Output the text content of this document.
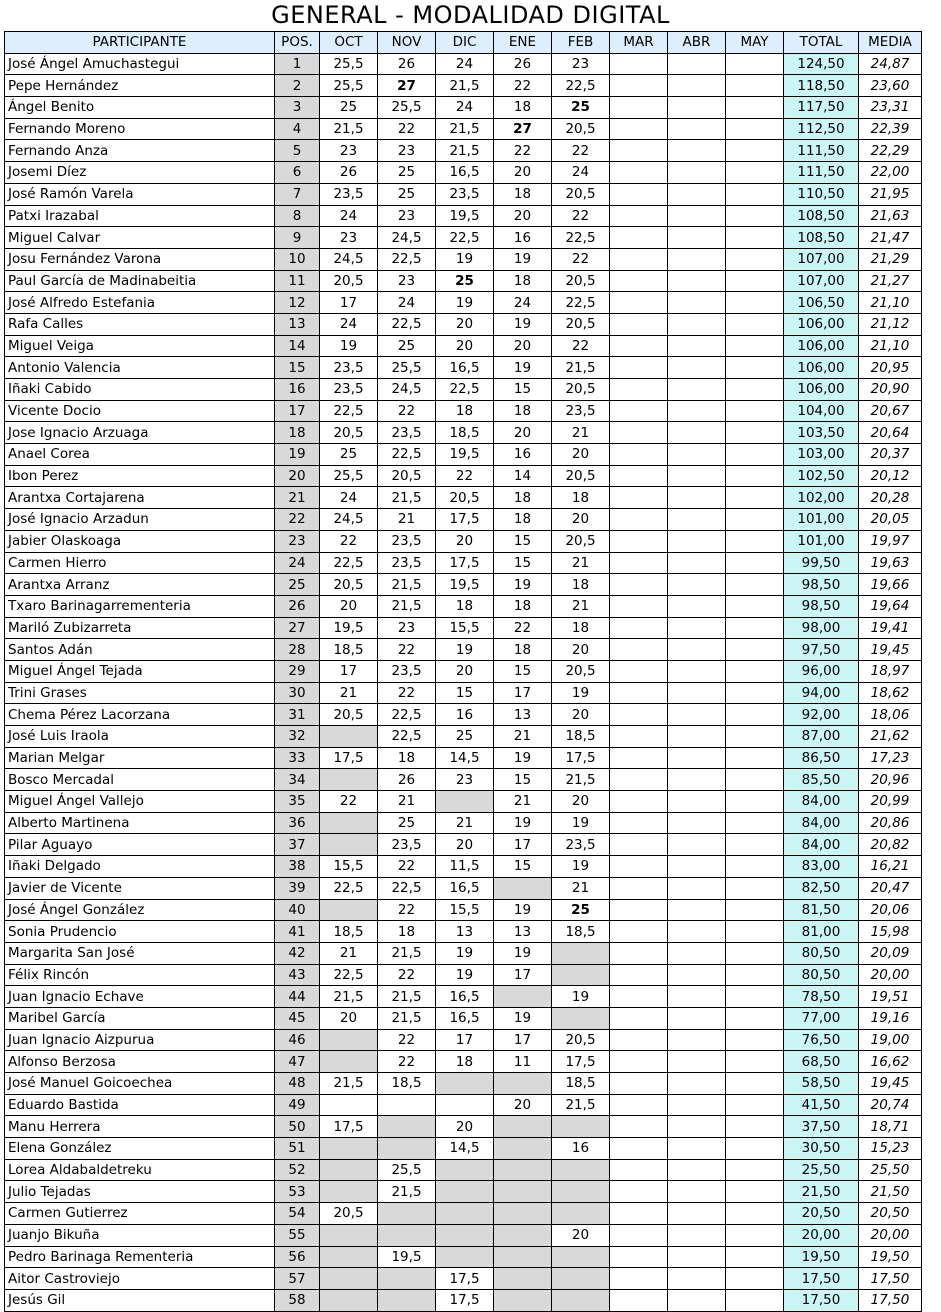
GENERAL - MODALIDAD DIGITAL
PARTICIPANTE	POS.	OCT	NOV	DIC	ENE	FEB	MAR	ABR	MAY	TOTAL	MEDIA
José Ángel Amuchastegui	1	25,5	26	24	26	23				124,50	24,87
Pepe Hernández	2	25,5	27	21,5	22	22,5				118,50	23,60
Ángel Benito	3	25	25,5	24	18	25				117,50	23,31
Fernando Moreno	4	21,5	22	21,5	27	20,5				112,50	22,39
Fernando Anza	5	23	23	21,5	22	22				111,50	22,29
Josemi Díez	6	26	25	16,5	20	24				111,50	22,00
José Ramón Varela	7	23,5	25	23,5	18	20,5				110,50	21,95
Patxi Irazabal	8	24	23	19,5	20	22				108,50	21,63
Miguel Calvar	9	23	24,5	22,5	16	22,5				108,50	21,47
Josu Fernández Varona	10	24,5	22,5	19	19	22				107,00	21,29
Paul García de Madinabeitia	11	20,5	23	25	18	20,5				107,00	21,27
José Alfredo Estefania	12	17	24	19	24	22,5				106,50	21,10
Rafa Calles	13	24	22,5	20	19	20,5				106,00	21,12
Miguel Veiga	14	19	25	20	20	22				106,00	21,10
Antonio Valencia	15	23,5	25,5	16,5	19	21,5				106,00	20,95
Iñaki Cabido	16	23,5	24,5	22,5	15	20,5				106,00	20,90
Vicente Docio	17	22,5	22	18	18	23,5				104,00	20,67
Jose Ignacio Arzuaga	18	20,5	23,5	18,5	20	21				103,50	20,64
Anael Corea	19	25	22,5	19,5	16	20				103,00	20,37
Ibon Perez	20	25,5	20,5	22	14	20,5				102,50	20,12
Arantxa Cortajarena	21	24	21,5	20,5	18	18				102,00	20,28
José Ignacio Arzadun	22	24,5	21	17,5	18	20				101,00	20,05
Jabier Olaskoaga	23	22	23,5	20	15	20,5				101,00	19,97
Carmen Hierro	24	22,5	23,5	17,5	15	21				99,50	19,63
Arantxa Arranz	25	20,5	21,5	19,5	19	18				98,50	19,66
Txaro Barinagarrementeria	26	20	21,5	18	18	21				98,50	19,64
Mariló Zubizarreta	27	19,5	23	15,5	22	18				98,00	19,41
Santos Adán	28	18,5	22	19	18	20				97,50	19,45
Miguel Ángel Tejada	29	17	23,5	20	15	20,5				96,00	18,97
Trini Grases	30	21	22	15	17	19				94,00	18,62
Chema Pérez Lacorzana	31	20,5	22,5	16	13	20				92,00	18,06
José Luis Iraola	32		22,5	25	21	18,5				87,00	21,62
Marian Melgar	33	17,5	18	14,5	19	17,5				86,50	17,23
Bosco Mercadal	34		26	23	15	21,5				85,50	20,96
Miguel Ángel Vallejo	35	22	21		21	20				84,00	20,99
Alberto Martinena	36		25	21	19	19				84,00	20,86
Pilar Aguayo	37		23,5	20	17	23,5				84,00	20,82
Iñaki Delgado	38	15,5	22	11,5	15	19				83,00	16,21
Javier de Vicente	39	22,5	22,5	16,5		21				82,50	20,47
José Ángel González	40		22	15,5	19	25				81,50	20,06
Sonia Prudencio	41	18,5	18	13	13	18,5				81,00	15,98
Margarita San José	42	21	21,5	19	19					80,50	20,09
Félix Rincón	43	22,5	22	19	17					80,50	20,00
Juan Ignacio Echave	44	21,5	21,5	16,5		19				78,50	19,51
Maribel García	45	20	21,5	16,5	19					77,00	19,16
Juan Ignacio Aizpurua	46		22	17	17	20,5				76,50	19,00
Alfonso Berzosa	47		22	18	11	17,5				68,50	16,62
José Manuel Goicoechea	48	21,5	18,5			18,5				58,50	19,45
Eduardo Bastida	49				20	21,5				41,50	20,74
Manu Herrera	50	17,5		20						37,50	18,71
Elena González	51			14,5		16				30,50	15,23
Lorea Aldabaldetreku	52		25,5							25,50	25,50
Julio Tejadas	53		21,5							21,50	21,50
Carmen Gutierrez	54	20,5								20,50	20,50
Juanjo Bikuña	55					20				20,00	20,00
Pedro Barinaga Rementeria	56		19,5							19,50	19,50
Aitor Castroviejo	57			17,5						17,50	17,50
Jesús Gil	58			17,5						17,50	17,50
